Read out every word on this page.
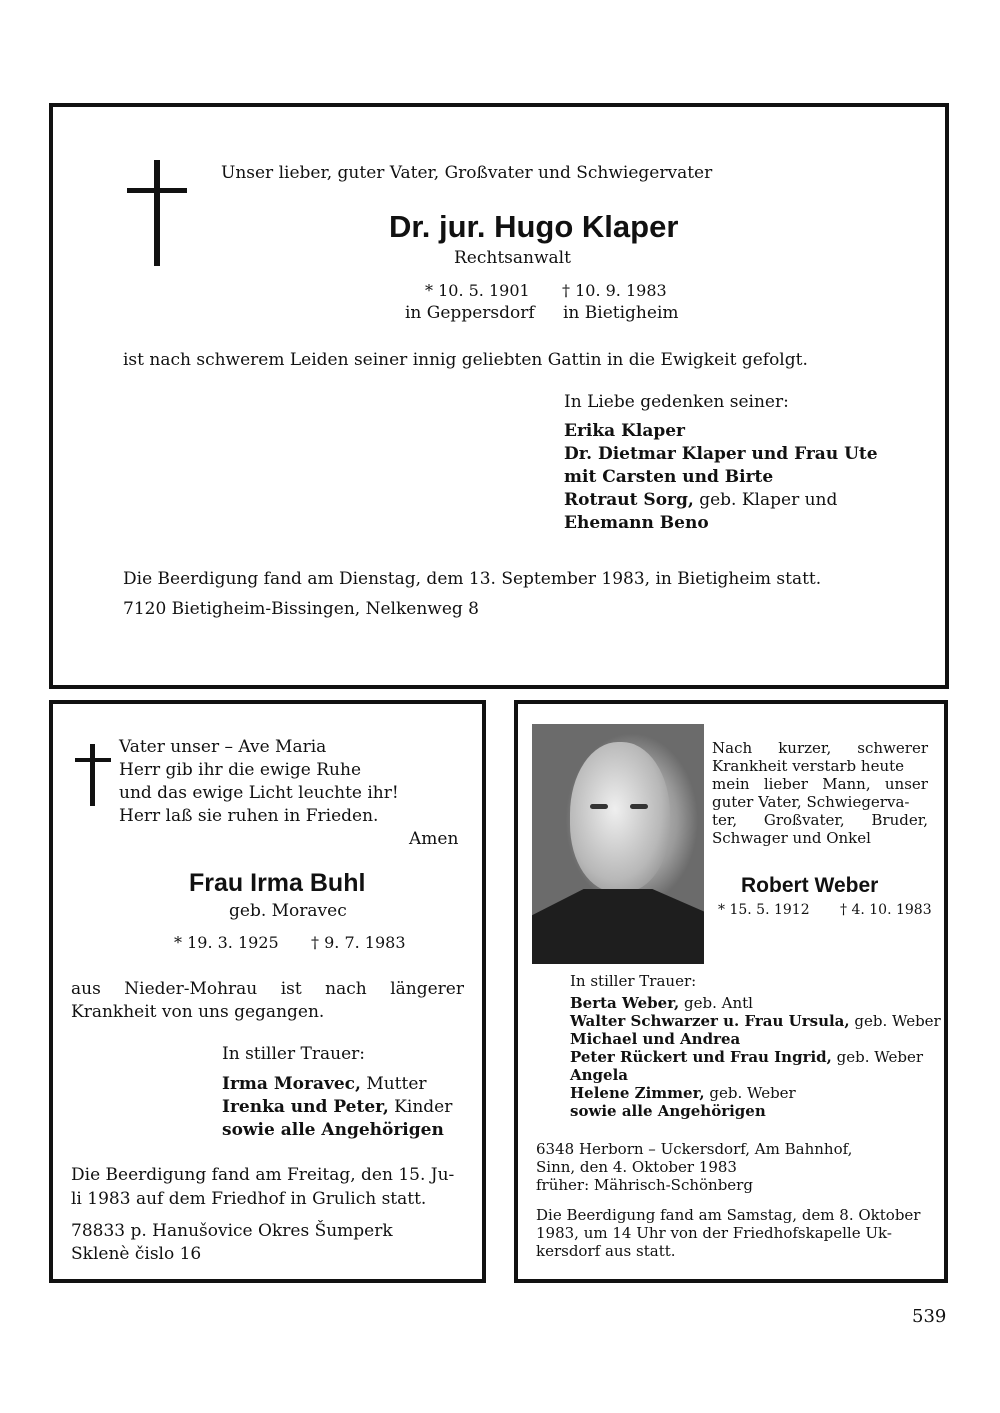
Unser lieber, guter Vater, Großvater und Schwiegervater
Dr. jur. Hugo Klaper
Rechtsanwalt
* 10. 5. 1901 † 10. 9. 1983
in Geppersdorf in Bietigheim
ist nach schwerem Leiden seiner innig geliebten Gattin in die Ewigkeit gefolgt.
In Liebe gedenken seiner:
Erika Klaper
Dr. Dietmar Klaper und Frau Ute
mit Carsten und Birte
Rotraut Sorg, geb. Klaper und
Ehemann Beno
Die Beerdigung fand am Dienstag, dem 13. September 1983, in Bietigheim statt.
7120 Bietigheim-Bissingen, Nelkenweg 8
Vater unser – Ave Maria
Herr gib ihr die ewige Ruhe
und das ewige Licht leuchte ihr!
Herr laß sie ruhen in Frieden.
Amen
Frau Irma Buhl
geb. Moravec
* 19. 3. 1925 † 9. 7. 1983
aus Nieder-Mohrau ist nach längerer
Krankheit von uns gegangen.
In stiller Trauer:
Irma Moravec, Mutter
Irenka und Peter, Kinder
sowie alle Angehörigen
Die Beerdigung fand am Freitag, den 15. Ju-
li 1983 auf dem Friedhof in Grulich statt.
78833 p. Hanušovice Okres Šumperk
Sklenè čislo 16
Nach kurzer, schwerer
Krankheit verstarb heute
mein lieber Mann, unser
guter Vater, Schwiegerva-
ter, Großvater, Bruder,
Schwager und Onkel
Robert Weber
* 15. 5. 1912 † 4. 10. 1983
In stiller Trauer:
Berta Weber, geb. Antl
Walter Schwarzer u. Frau Ursula, geb. Weber
Michael und Andrea
Peter Rückert und Frau Ingrid, geb. Weber
Angela
Helene Zimmer, geb. Weber
sowie alle Angehörigen
6348 Herborn – Uckersdorf, Am Bahnhof,
Sinn, den 4. Oktober 1983
früher: Mährisch-Schönberg
Die Beerdigung fand am Samstag, dem 8. Oktober
1983, um 14 Uhr von der Friedhofskapelle Uk-
kersdorf aus statt.
539
